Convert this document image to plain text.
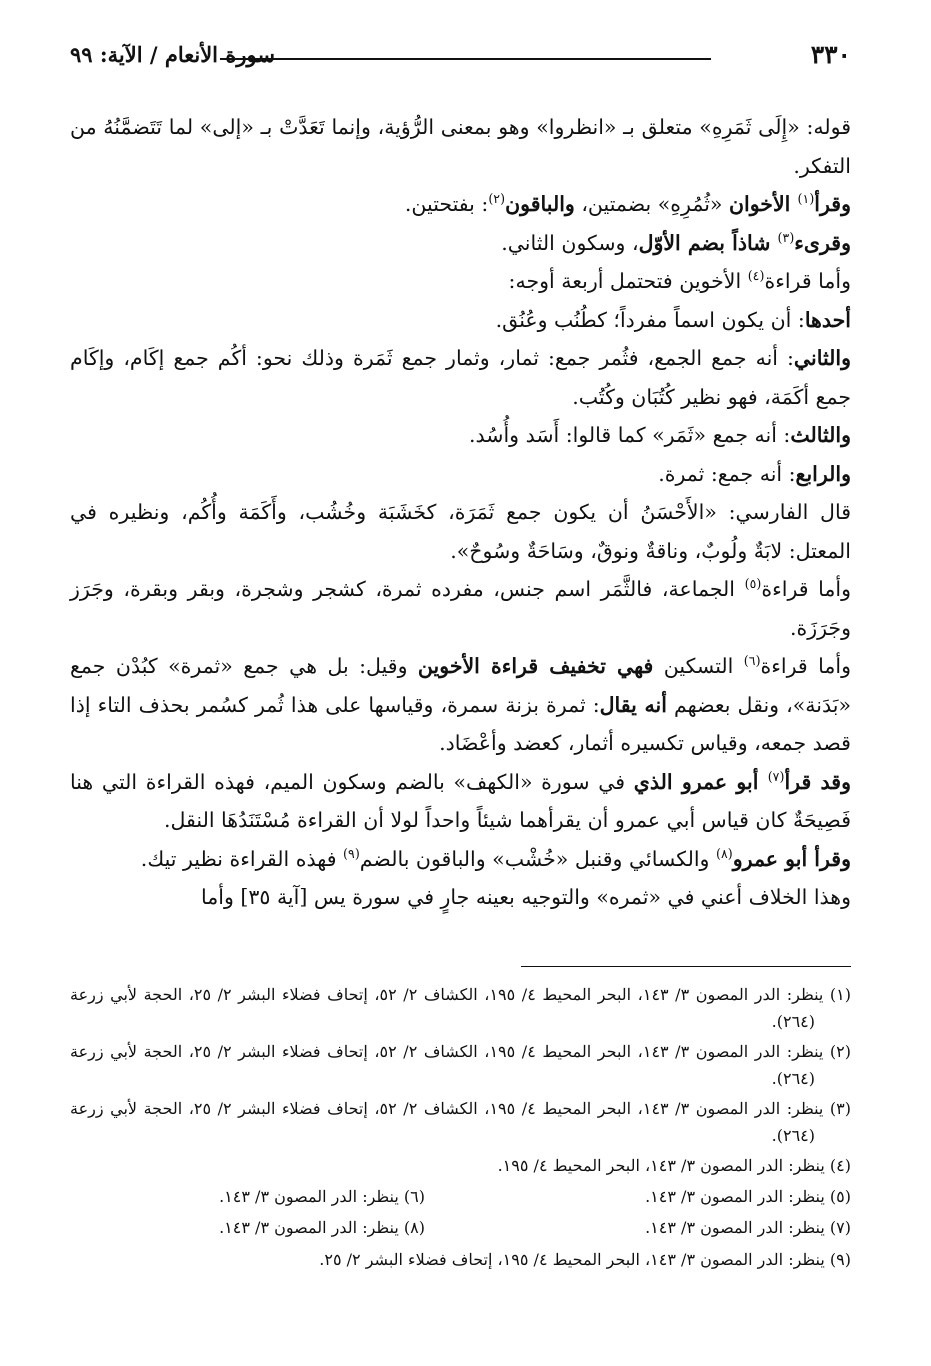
٣٣٠
سورة الأنعام / الآية: ٩٩

قوله: «إِلَى ثَمَرِهِ» متعلق بـ «انظروا» وهو بمعنى الرُّؤية، وإنما تَعَدَّتْ بـ «إلى» لما تَتَضمَّنُهُ من التفكر.

وقرأ$^{(١)}$ الأخوان «ثُمُرِهِ» بضمتين، والباقون$^{(٢)}$: بفتحتين.

وقرىء$^{(٣)}$ شاذاً بضم الأوّل، وسكون الثاني.

وأما قراءة$^{(٤)}$ الأخوين فتحتمل أربعة أوجه:

أحدها: أن يكون اسماً مفرداً؛ كطُنُب وعُنُق.

والثاني: أنه جمع الجمع، فثُمر جمع: ثمار، وثمار جمع ثَمَرة وذلك نحو: أكُم جمع إكَام، وإكَام جمع أكَمَة، فهو نظير كُتُبَان وكُتُب.

والثالث: أنه جمع «ثَمَر» كما قالوا: أَسَد وأُسُد.

والرابع: أنه جمع: ثمرة.

قال الفارسي: «الأَحْسَنُ أن يكون جمع ثَمَرَة، كخَشَبَة وخُشُب، وأَكَمَة وأُكُم، ونظيره في المعتل: لابَةٌ ولُوبٌ، وناقةٌ ونوقٌ، وسَاحَةٌ وسُوحٌ».

وأما قراءة$^{(٥)}$ الجماعة، فالثَّمَر اسم جنس، مفرده ثمرة، كشجر وشجرة، وبقر وبقرة، وجَرَز وجَرَزَة.

وأما قراءة$^{(٦)}$ التسكين فهي تخفيف قراءة الأخوين وقيل: بل هي جمع «ثمرة» كبُدْن جمع «بَدَنة»، ونقل بعضهم أنه يقال: ثمرة بزنة سمرة، وقياسها على هذا ثُمر كسُمر بحذف التاء إذا قصد جمعه، وقياس تكسيره أثمار، كعضد وأعْضَاد.

وقد قرأ$^{(٧)}$ أبو عمرو الذي في سورة «الكهف» بالضم وسكون الميم، فهذه القراءة التي هنا فَصِيحَةٌ كان قياس أبي عمرو أن يقرأهما شيئاً واحداً لولا أن القراءة مُسْتَنَدُهَا النقل.

وقرأ أبو عمرو$^{(٨)}$ والكسائي وقنبل «خُشْب» والباقون بالضم$^{(٩)}$ فهذه القراءة نظير تيك.

وهذا الخلاف أعني في «ثمره» والتوجيه بعينه جارٍ في سورة يس [آية ٣٥] وأما

(١) ينظر: الدر المصون ٣/ ١٤٣، البحر المحيط ٤/ ١٩٥، الكشاف ٢/ ٥٢، إتحاف فضلاء البشر ٢/ ٢٥، الحجة لأبي زرعة (٢٦٤).

(٢) ينظر: الدر المصون ٣/ ١٤٣، البحر المحيط ٤/ ١٩٥، الكشاف ٢/ ٥٢، إتحاف فضلاء البشر ٢/ ٢٥، الحجة لأبي زرعة (٢٦٤).

(٣) ينظر: الدر المصون ٣/ ١٤٣، البحر المحيط ٤/ ١٩٥، الكشاف ٢/ ٥٢، إتحاف فضلاء البشر ٢/ ٢٥، الحجة لأبي زرعة (٢٦٤).

(٤) ينظر: الدر المصون ٣/ ١٤٣، البحر المحيط ٤/ ١٩٥.

(٥) ينظر: الدر المصون ٣/ ١٤٣.

(٦) ينظر: الدر المصون ٣/ ١٤٣.

(٧) ينظر: الدر المصون ٣/ ١٤٣.

(٨) ينظر: الدر المصون ٣/ ١٤٣.

(٩) ينظر: الدر المصون ٣/ ١٤٣، البحر المحيط ٤/ ١٩٥، إتحاف فضلاء البشر ٢/ ٢٥.
